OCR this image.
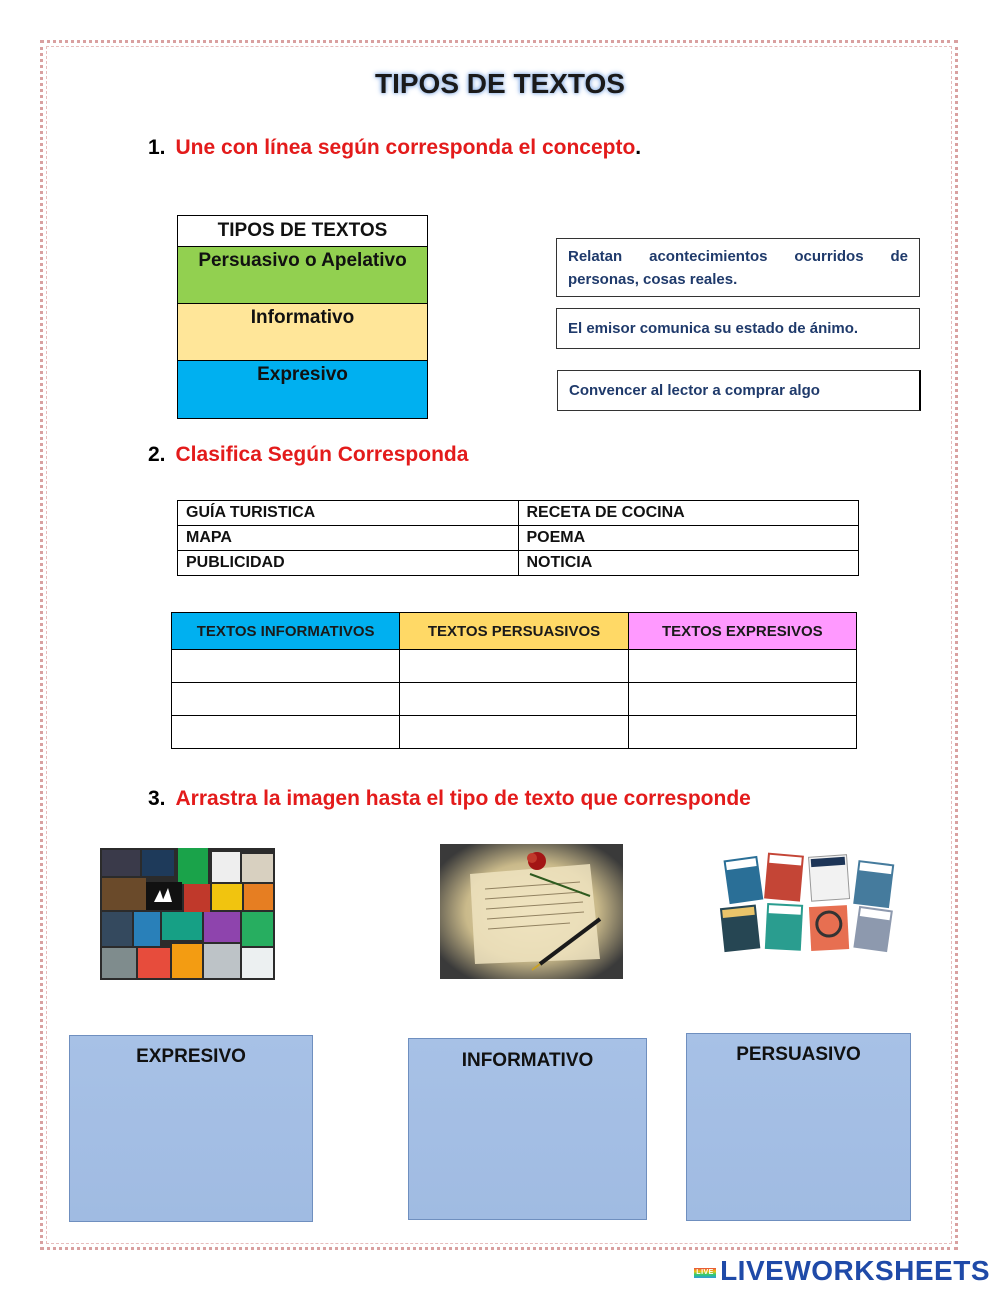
TIPOS DE TEXTOS
1. Une con línea según corresponda el concepto.
TIPOS DE TEXTOS
Persuasivo o Apelativo
Informativo
Expresivo
Relatan acontecimientos ocurridos de personas, cosas reales.
El emisor comunica su estado de ánimo.
Convencer al lector a comprar algo
2. Clasifica Según Corresponda
GUÍA TURISTICA	RECETA DE COCINA
MAPA	POEMA
PUBLICIDAD	NOTICIA
TEXTOS INFORMATIVOS	TEXTOS PERSUASIVOS	TEXTOS EXPRESIVOS

3. Arrastra la imagen hasta el tipo de texto que corresponde
EXPRESIVO	INFORMATIVO	PERSUASIVO
LIVE LIVEWORKSHEETS
